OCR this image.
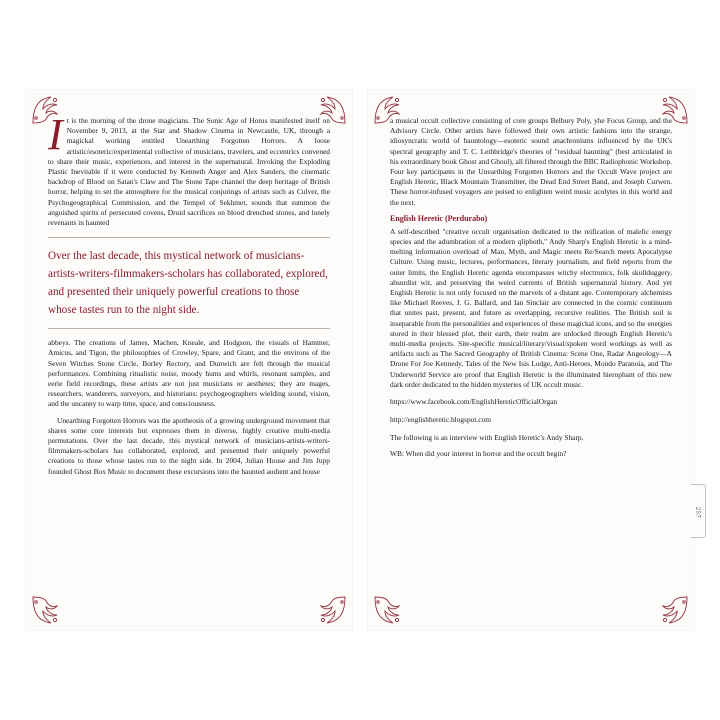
I t is the morning of the drone magicians. The Sonic Age of Horus manifested itself on November 9, 2013, at the Star and Shadow Cinema in Newcastle, UK, through a magickal working entitled Unearthing Forgotten Horrors. A loose artistic/esoteric/experimental collective of musicians, travelers, and eccentrics convened to share their music, experiences, and interest in the supernatural. Invoking the Exploding Plastic Inevitable if it were conducted by Kenneth Anger and Alex Sanders, the cinematic backdrop of Blood on Satan's Claw and The Stone Tape channel the deep heritage of British horror, helping to set the atmosphere for the musical conjurings of artists such as Culver, the Psychogeographical Commission, and the Tempel of Sekhmet, sounds that summon the anguished spirits of persecuted covens, Druid sacrifices on blood drenched stones, and lonely revenants in haunted

Over the last decade, this mystical network of musicians-artists-writers-filmmakers-scholars has collaborated, explored, and presented their uniquely powerful creations to those whose tastes run to the night side.

abbeys. The creations of James, Machen, Kneale, and Hodgson, the visuals of Hammer, Amicus, and Tigon, the philosophies of Crowley, Spare, and Grant, and the environs of the Seven Witches Stone Circle, Borley Rectory, and Dunwich are felt through the musical performances. Combining ritualistic noise, moody hums and whirls, resonant samples, and eerie field recordings, these artists are not just musicians or aesthetes; they are mages, researchers, wanderers, surveyors, and historians: psychogeographers wielding sound, vision, and the uncanny to warp time, space, and consciousness.

Unearthing Forgotten Horrors was the apotheosis of a growing underground movement that shares some core interests but expresses them in diverse, highly creative multi-media permutations. Over the last decade, this mystical network of musicians-artists-writers-filmmakers-scholars has collaborated, explored, and presented their uniquely powerful creations to those whose tastes run to the night side. In 2004, Julian House and Jim Jupp founded Ghost Box Music to document these excursions into the haunted audient and house

a musical occult collective consisting of core groups Belbury Poly, yhe Focus Group, and the Advisory Circle. Other artists have followed their own artistic fashions into the strange, idiosyncratic world of hauntology—esoteric sound anachronisms influenced by the UK's spectral geography and T. C. Lethbridge's theories of "residual haunting" (best articulated in his extraordinary book Ghost and Ghoul), all filtered through the BBC Radiophonic Workshop. Four key participants in the Unearthing Forgotten Horrors and the Occult Wave project are English Heretic, Black Mountain Transmitter, the Dead End Street Band, and Joseph Curwen. These horror-infused voyagers are poised to enlighten weird music acolytes in this world and the next.

English Heretic (Perdurabo)

A self-described "creative occult organisation dedicated to the reification of malefic energy species and the adumbration of a modern qliphoth," Andy Sharp's English Heretic is a mind-melting information overload of Man, Myth, and Magic meets Re/Search meets Apocalypse Culture. Using music, lectures, performances, literary journalism, and field reports from the outer limits, the English Heretic agenda encompasses witchy electronics, folk skullduggery, absurdist wit, and preserving the weird currents of British supernatural history. And yet English Heretic is not only focused on the marvels of a distant age. Contemporary alchemists like Michael Reeves, J. G. Ballard, and Ian Sinclair are connected in the cosmic continuum that unites past, present, and future as overlapping, recursive realities. The British soil is inseparable from the personalities and experiences of these magickal icons, and so the energies stored in their blessed plot, their earth, their realm are unlocked through English Heretic's multi-media projects. Site-specific musical/literary/visual/spoken word workings as well as artifacts such as The Sacred Geography of British Cinema: Scene One, Radar Angeology—A Drone For Joe Kennedy, Tales of the New Isis Lodge, Anti-Heroes, Mondo Paranoia, and The Underworld Service are proof that English Heretic is the illuminated hierophant of this new dark order dedicated to the hidden mysteries of UK occult music.

https://www.facebook.com/EnglishHereticOfficialOrgan

http://englishheretic.blogspot.com

The following is an interview with English Heretic's Andy Sharp.

WB: When did your interest in horror and the occult begin?

257
